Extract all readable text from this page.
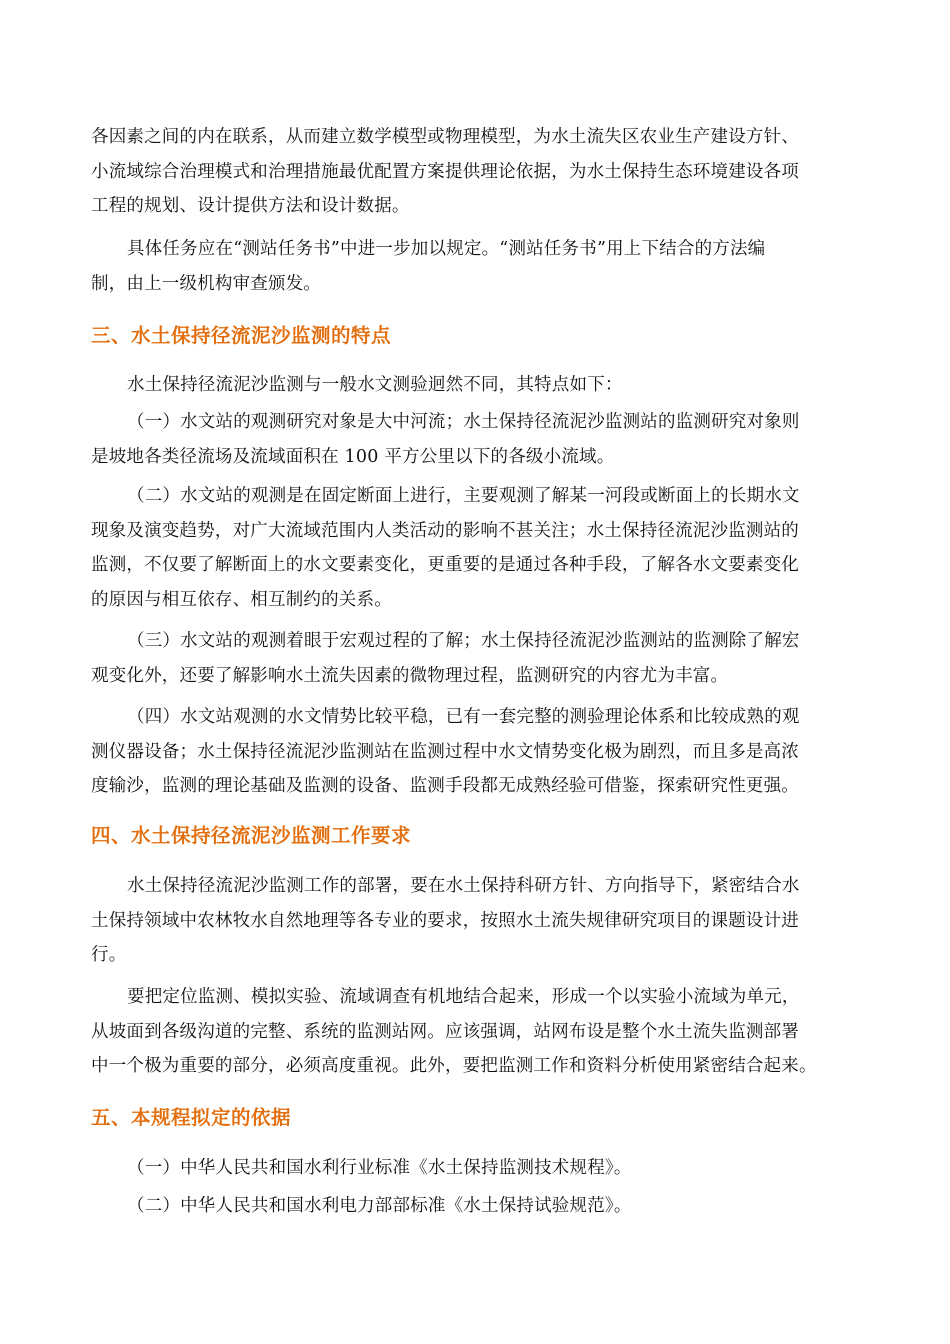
各因素之间的内在联系，从而建立数学模型或物理模型，为水土流失区农业生产建设方针、
小流域综合治理模式和治理措施最优配置方案提供理论依据，为水土保持生态环境建设各项
工程的规划、设计提供方法和设计数据。
具体任务应在“测站任务书”中进一步加以规定。“测站任务书”用上下结合的方法编
制，由上一级机构审查颁发。
三、水土保持径流泥沙监测的特点
水土保持径流泥沙监测与一般水文测验迥然不同，其特点如下：
（一）水文站的观测研究对象是大中河流；水土保持径流泥沙监测站的监测研究对象则
是坡地各类径流场及流域面积在 100 平方公里以下的各级小流域。
（二）水文站的观测是在固定断面上进行，主要观测了解某一河段或断面上的长期水文
现象及演变趋势，对广大流域范围内人类活动的影响不甚关注；水土保持径流泥沙监测站的
监测，不仅要了解断面上的水文要素变化，更重要的是通过各种手段，了解各水文要素变化
的原因与相互依存、相互制约的关系。
（三）水文站的观测着眼于宏观过程的了解；水土保持径流泥沙监测站的监测除了解宏
观变化外，还要了解影响水土流失因素的微物理过程，监测研究的内容尤为丰富。
（四）水文站观测的水文情势比较平稳，已有一套完整的测验理论体系和比较成熟的观
测仪器设备；水土保持径流泥沙监测站在监测过程中水文情势变化极为剧烈，而且多是高浓
度输沙，监测的理论基础及监测的设备、监测手段都无成熟经验可借鉴，探索研究性更强。
四、水土保持径流泥沙监测工作要求
水土保持径流泥沙监测工作的部署，要在水土保持科研方针、方向指导下，紧密结合水
土保持领域中农林牧水自然地理等各专业的要求，按照水土流失规律研究项目的课题设计进
行。
要把定位监测、模拟实验、流域调查有机地结合起来，形成一个以实验小流域为单元，
从坡面到各级沟道的完整、系统的监测站网。应该强调，站网布设是整个水土流失监测部署
中一个极为重要的部分，必须高度重视。此外，要把监测工作和资料分析使用紧密结合起来。
五、本规程拟定的依据
（一）中华人民共和国水利行业标准《水土保持监测技术规程》。
（二）中华人民共和国水利电力部部标准《水土保持试验规范》。
